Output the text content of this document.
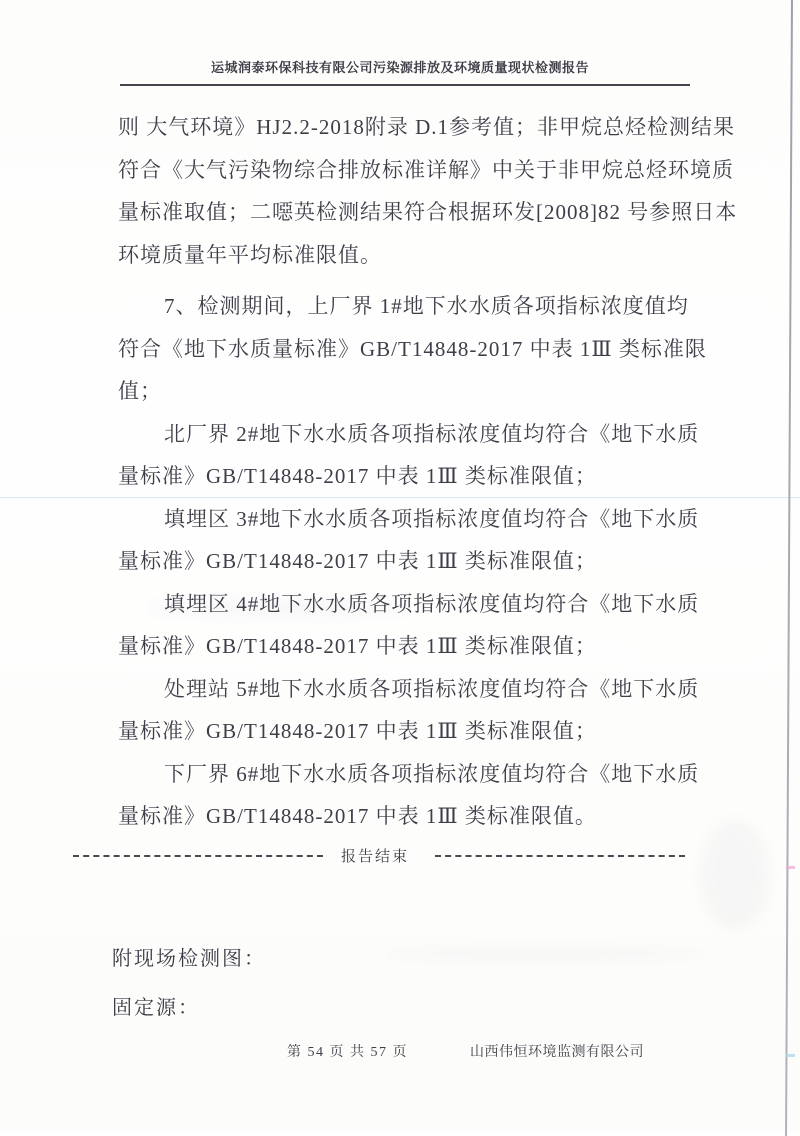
运城润泰环保科技有限公司污染源排放及环境质量现状检测报告
则 大气环境》HJ2.2-2018附录 D.1参考值；非甲烷总烃检测结果
符合《大气污染物综合排放标准详解》中关于非甲烷总烃环境质
量标准取值；二噁英检测结果符合根据环发[2008]82 号参照日本
环境质量年平均标准限值。
7、检测期间，上厂界 1#地下水水质各项指标浓度值均
符合《地下水质量标准》GB/T14848-2017 中表 1Ⅲ 类标准限
值；
北厂界 2#地下水水质各项指标浓度值均符合《地下水质
量标准》GB/T14848-2017 中表 1Ⅲ 类标准限值；
填埋区 3#地下水水质各项指标浓度值均符合《地下水质
量标准》GB/T14848-2017 中表 1Ⅲ 类标准限值；
填埋区 4#地下水水质各项指标浓度值均符合《地下水质
量标准》GB/T14848-2017 中表 1Ⅲ 类标准限值；
处理站 5#地下水水质各项指标浓度值均符合《地下水质
量标准》GB/T14848-2017 中表 1Ⅲ 类标准限值；
下厂界 6#地下水水质各项指标浓度值均符合《地下水质
量标准》GB/T14848-2017 中表 1Ⅲ 类标准限值。
报告结束
附现场检测图：
固定源：
第 54 页 共 57 页	山西伟恒环境监测有限公司
